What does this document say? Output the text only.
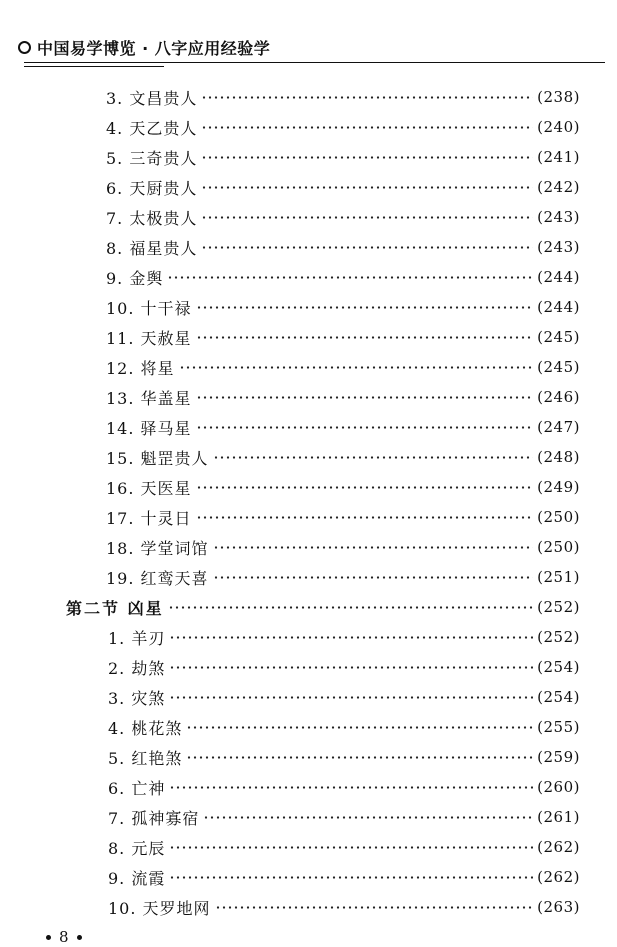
中国易学博览 · 八字应用经验学
3. 文昌贵人	(238)
4. 天乙贵人	(240)
5. 三奇贵人	(241)
6. 天厨贵人	(242)
7. 太极贵人	(243)
8. 福星贵人	(243)
9. 金舆	(244)
10. 十干禄	(244)
11. 天赦星	(245)
12. 将星	(245)
13. 华盖星	(246)
14. 驿马星	(247)
15. 魁罡贵人	(248)
16. 天医星	(249)
17. 十灵日	(250)
18. 学堂词馆	(250)
19. 红鸾天喜	(251)
第二节 凶星	(252)
1. 羊刃	(252)
2. 劫煞	(254)
3. 灾煞	(254)
4. 桃花煞	(255)
5. 红艳煞	(259)
6. 亡神	(260)
7. 孤神寡宿	(261)
8. 元辰	(262)
9. 流霞	(262)
10. 天罗地网	(263)
8
